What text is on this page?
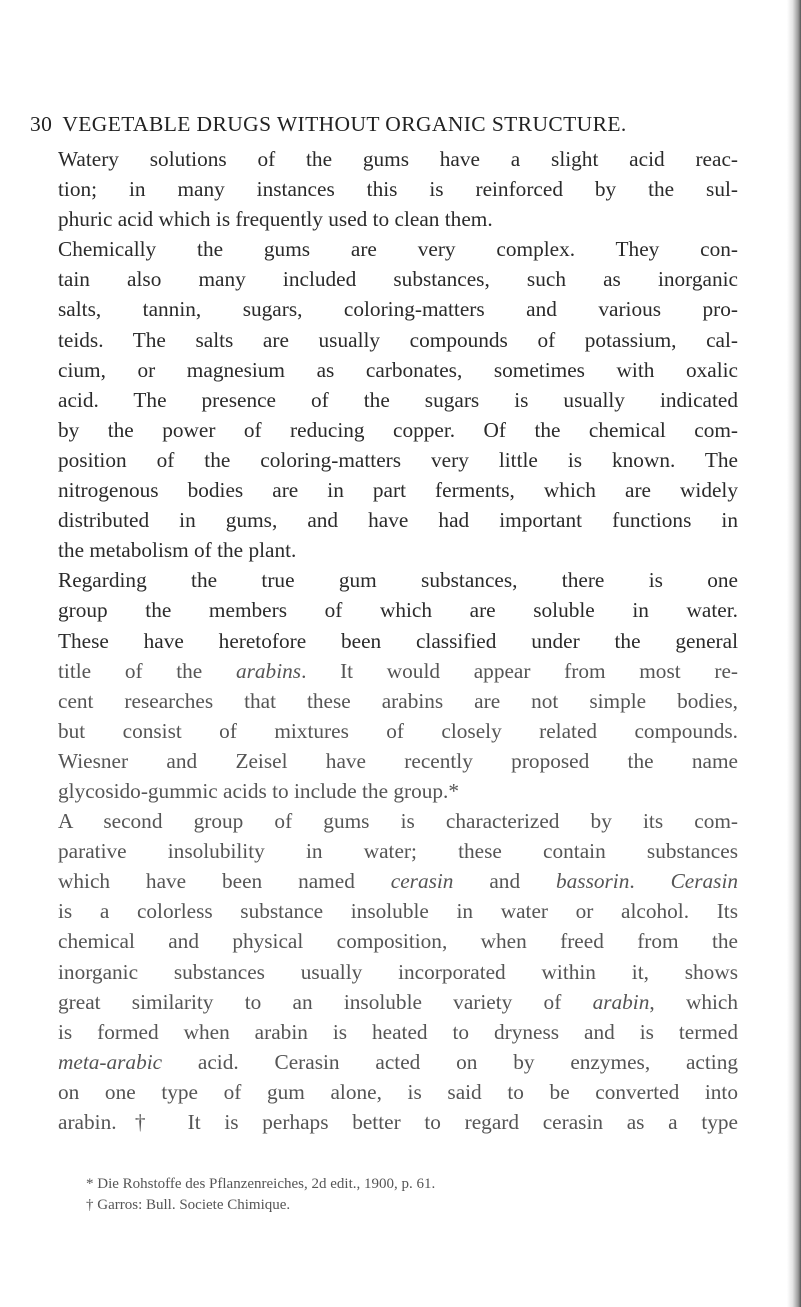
30 VEGETABLE DRUGS WITHOUT ORGANIC STRUCTURE.
Watery solutions of the gums have a slight acid reac-
tion; in many instances this is reinforced by the sul-
phuric acid which is frequently used to clean them.
Chemically the gums are very complex. They con-
tain also many included substances, such as inorganic
salts, tannin, sugars, coloring-matters and various pro-
teids. The salts are usually compounds of potassium, cal-
cium, or magnesium as carbonates, sometimes with oxalic
acid. The presence of the sugars is usually indicated
by the power of reducing copper. Of the chemical com-
position of the coloring-matters very little is known. The
nitrogenous bodies are in part ferments, which are widely
distributed in gums, and have had important functions in
the metabolism of the plant.
Regarding the true gum substances, there is one
group the members of which are soluble in water.
These have heretofore been classified under the general
title of the arabins. It would appear from most re-
cent researches that these arabins are not simple bodies,
but consist of mixtures of closely related compounds.
Wiesner and Zeisel have recently proposed the name
glycosido-gummic acids to include the group.*
A second group of gums is characterized by its com-
parative insolubility in water; these contain substances
which have been named cerasin and bassorin. Cerasin
is a colorless substance insoluble in water or alcohol. Its
chemical and physical composition, when freed from the
inorganic substances usually incorporated within it, shows
great similarity to an insoluble variety of arabin, which
is formed when arabin is heated to dryness and is termed
meta-arabic acid. Cerasin acted on by enzymes, acting
on one type of gum alone, is said to be converted into
arabin.† It is perhaps better to regard cerasin as a type
* Die Rohstoffe des Pflanzenreiches, 2d edit., 1900, p. 61.
† Garros: Bull. Societe Chimique.
